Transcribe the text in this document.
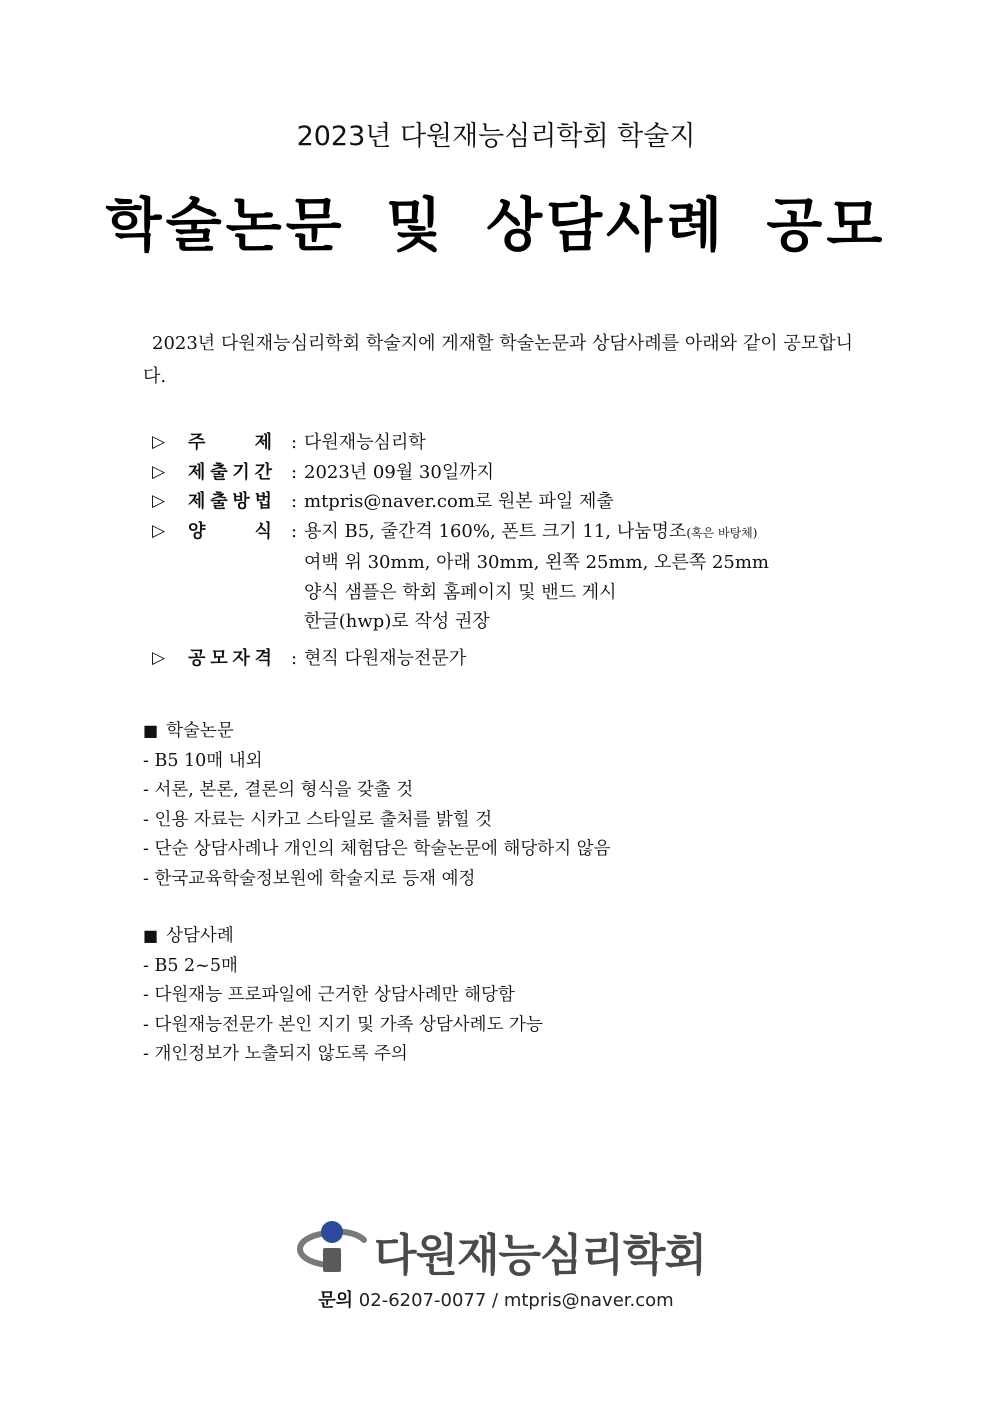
2023년 다원재능심리학회 학술지
학술논문 및 상담사례 공모
2023년 다원재능심리학회 학술지에 게재할 학술논문과 상담사례를 아래와 같이 공모합니다.
▷	주	제	: 다원재능심리학
▷	제 출 기 간	: 2023년 09월 30일까지
▷	제 출 방 법	: mtpris@naver.com로 원본 파일 제출
▷	양	식	: 용지 B5, 줄간격 160%, 폰트 크기 11, 나눔명조(혹은 바탕체)
여백 위 30mm, 아래 30mm, 왼쪽 25mm, 오른쪽 25mm
양식 샘플은 학회 홈페이지 및 밴드 게시
한글(hwp)로 작성 권장
▷	공 모 자 격	: 현직 다원재능전문가
■ 학술논문
- B5 10매 내외
- 서론, 본론, 결론의 형식을 갖출 것
- 인용 자료는 시카고 스타일로 출처를 밝힐 것
- 단순 상담사례나 개인의 체험담은 학술논문에 해당하지 않음
- 한국교육학술정보원에 학술지로 등재 예정
■ 상담사례
- B5 2~5매
- 다원재능 프로파일에 근거한 상담사례만 해당함
- 다원재능전문가 본인 지기 및 가족 상담사례도 가능
- 개인정보가 노출되지 않도록 주의
다원재능심리학회
문의 02-6207-0077 / mtpris@naver.com
